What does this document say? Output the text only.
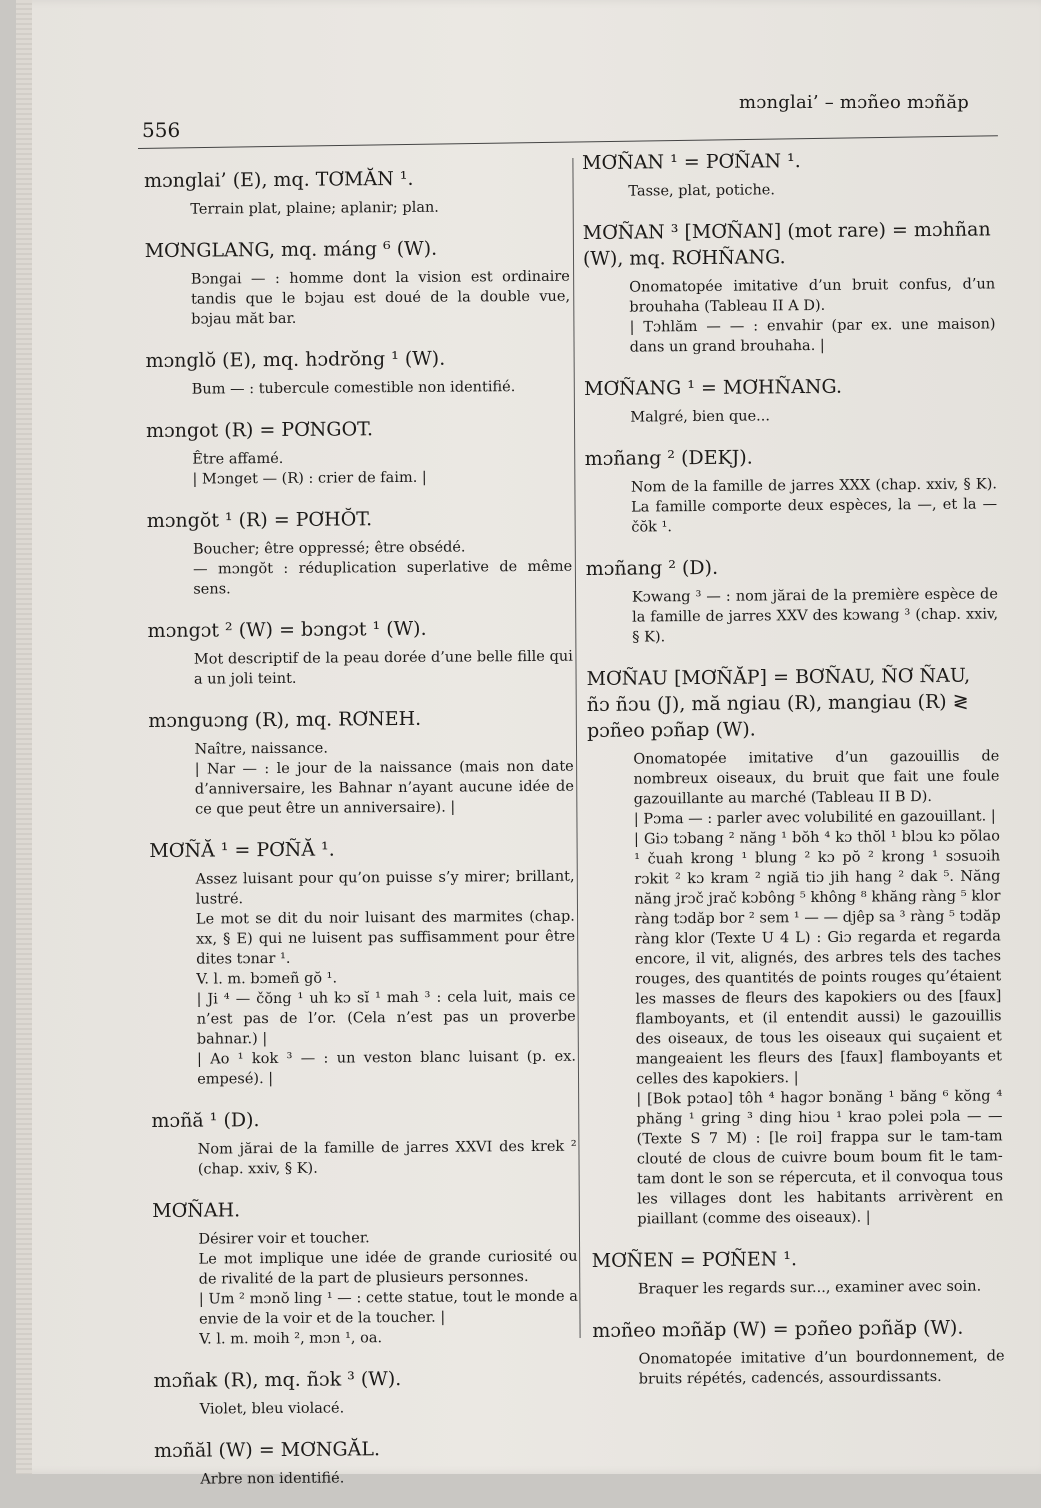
mɔnglai’ – mɔñeo mɔñăp
556
mɔnglai’ (E), mq. TƠMĂN ¹.

Terrain plat, plaine; aplanir; plan.

MƠNGLANG, mq. máng ⁶ (W).

Bɔngai — : homme dont la vision est ordinaire tandis que le bɔjau est doué de la double vue, bɔjau măt bar.

mɔnglŏ (E), mq. hɔdrŏng ¹ (W).

Bum — : tubercule comestible non identifié.

mɔngot (R) = PƠNGOT.

Être affamé.

| Mɔnget — (R) : crier de faim. |

mɔngŏt ¹ (R) = PƠHŎT.

Boucher; être oppressé; être obsédé.

— mɔngŏt : réduplication superlative de même sens.

mɔngɔt ² (W) = bɔngɔt ¹ (W).

Mot descriptif de la peau dorée d’une belle fille qui a un joli teint.

mɔnguɔng (R), mq. RƠNEH.

Naître, naissance.

| Nar — : le jour de la naissance (mais non date d’anniversaire, les Bahnar n’ayant aucune idée de ce que peut être un anniversaire). |

MƠÑĂ ¹ = PƠÑĂ ¹.

Assez luisant pour qu’on puisse s’y mirer; brillant, lustré.

Le mot se dit du noir luisant des marmites (chap. xx, § E) qui ne luisent pas suffisamment pour être dites tɔnar ¹.

V. l. m. bɔmeñ gŏ ¹.

| Ji ⁴ — čŏng ¹ uh kɔ sĭ ¹ mah ³ : cela luit, mais ce n’est pas de l’or. (Cela n’est pas un proverbe bahnar.) |

| Ao ¹ kok ³ — : un veston blanc luisant (p. ex. empesé). |

mɔñă ¹ (D).

Nom jărai de la famille de jarres XXVI des krek ² (chap. xxiv, § K).

MƠÑAH.

Désirer voir et toucher.

Le mot implique une idée de grande curiosité ou de rivalité de la part de plusieurs personnes.

| Um ² mɔnŏ ling ¹ — : cette statue, tout le monde a envie de la voir et de la toucher. |

V. l. m. moih ², mɔn ¹, oa.

mɔñak (R), mq. ñɔk ³ (W).

Violet, bleu violacé.

mɔñăl (W) = MƠNGĂL.

Arbre non identifié.

MƠÑAN ¹ = PƠÑAN ¹.

Tasse, plat, potiche.

MƠÑAN ³ [MƠÑAN] (mot rare) = mɔhñan (W), mq. RƠHÑANG.

Onomatopée imitative d’un bruit confus, d’un brouhaha (Tableau II A D).

| Tɔhlăm — — : envahir (par ex. une maison) dans un grand brouhaha. |

MƠÑANG ¹ = MƠHÑANG.

Malgré, bien que...

mɔñang ² (DEKJ).

Nom de la famille de jarres XXX (chap. xxiv, § K). La famille comporte deux espèces, la —, et la — čŏk ¹.

mɔñang ² (D).

Kɔwang ³ — : nom jărai de la première espèce de la famille de jarres XXV des kɔwang ³ (chap. xxiv, § K).

MƠÑAU [MƠÑĂP] = BƠÑAU, ÑƠ ÑAU, ñɔ ñɔu (J), mă ngiau (R), mangiau (R) ≷ pɔñeo pɔñap (W).

Onomatopée imitative d’un gazouillis de nombreux oiseaux, du bruit que fait une foule gazouillante au marché (Tableau II B D).

| Pɔma — : parler avec volubilité en gazouillant. |

| Giɔ tɔbang ² năng ¹ bŏh ⁴ kɔ thŏl ¹ blɔu kɔ pŏlao ¹ čuah krong ¹ blung ² kɔ pŏ ² krong ¹ sɔsuɔih rɔkit ² kɔ kram ² ngiă tiɔ jih hang ² dak ⁵. Năng năng jrɔč jrač kɔbông ⁵ không ⁸ khăng ràng ⁵ klor ràng tɔdăp bor ² sem ¹ — — djêp sa ³ ràng ⁵ tɔdăp ràng klor (Texte U 4 L) : Giɔ regarda et regarda encore, il vit, alignés, des arbres tels des taches rouges, des quantités de points rouges qu’étaient les masses de fleurs des kapokiers ou des [faux] flamboyants, et (il entendit aussi) le gazouillis des oiseaux, de tous les oiseaux qui suçaient et mangeaient les fleurs des [faux] flamboyants et celles des kapokiers. |

| [Bok pɔtao] tôh ⁴ hagɔr bɔnăng ¹ băng ⁶ kŏng ⁴ phăng ¹ gring ³ ding hiɔu ¹ krao pɔlei pɔla — — (Texte S 7 M) : [le roi] frappa sur le tam-tam clouté de clous de cuivre boum boum fit le tam-tam dont le son se répercuta, et il convoqua tous les villages dont les habitants arrivèrent en piaillant (comme des oiseaux). |

MƠÑEN = PƠÑEN ¹.

Braquer les regards sur..., examiner avec soin.

mɔñeo mɔñăp (W) = pɔñeo pɔñăp (W).

Onomatopée imitative d’un bourdonnement, de bruits répétés, cadencés, assourdissants.
